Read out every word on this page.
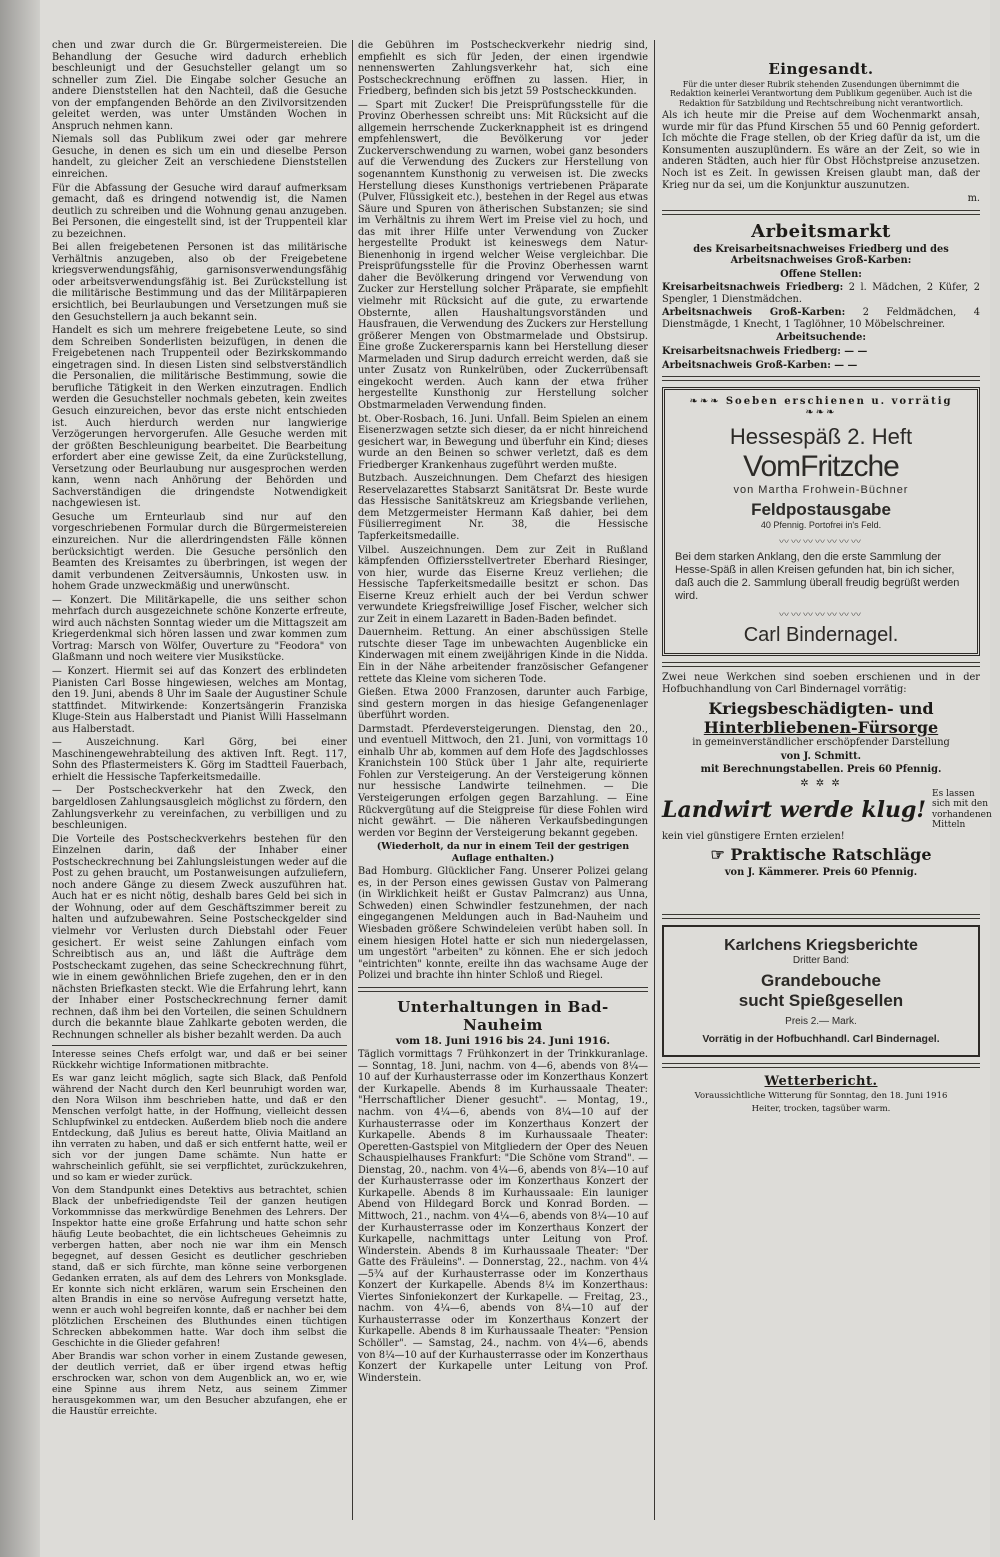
chen und zwar durch die Gr. Bürgermeistereien. Die Behandlung der Gesuche wird dadurch erheblich beschleunigt und der Gesuchsteller gelangt um so schneller zum Ziel. Die Eingabe solcher Gesuche an andere Dienststellen hat den Nachteil, daß die Gesuche von der empfangenden Behörde an den Zivilvorsitzenden geleitet werden, was unter Umständen Wochen in Anspruch nehmen kann.

Niemals soll das Publikum zwei oder gar mehrere Gesuche, in denen es sich um ein und dieselbe Person handelt, zu gleicher Zeit an verschiedene Dienststellen einreichen.

Für die Abfassung der Gesuche wird darauf aufmerksam gemacht, daß es dringend notwendig ist, die Namen deutlich zu schreiben und die Wohnung genau anzugeben. Bei Personen, die eingestellt sind, ist der Truppenteil klar zu bezeichnen.

Bei allen freigebetenen Personen ist das militärische Verhältnis anzugeben, also ob der Freigebetene kriegsverwendungsfähig, garnisonsverwendungsfähig oder arbeitsverwendungsfähig ist. Bei Zurückstellung ist die militärische Bestimmung und das der Militärpapieren ersichtlich, bei Beurlaubungen und Versetzungen muß sie den Gesuchstellern ja auch bekannt sein.

Handelt es sich um mehrere freigebetene Leute, so sind dem Schreiben Sonderlisten beizufügen, in denen die Freigebetenen nach Truppenteil oder Bezirkskommando eingetragen sind. In diesen Listen sind selbstverständlich die Personalien, die militärische Bestimmung, sowie die berufliche Tätigkeit in den Werken einzutragen. Endlich werden die Gesuchsteller nochmals gebeten, kein zweites Gesuch einzureichen, bevor das erste nicht entschieden ist. Auch hierdurch werden nur langwierige Verzögerungen hervorgerufen. Alle Gesuche werden mit der größten Beschleunigung bearbeitet. Die Bearbeitung erfordert aber eine gewisse Zeit, da eine Zurückstellung, Versetzung oder Beurlaubung nur ausgesprochen werden kann, wenn nach Anhörung der Behörden und Sachverständigen die dringendste Notwendigkeit nachgewiesen ist.

Gesuche um Ernteurlaub sind nur auf den vorgeschriebenen Formular durch die Bürgermeistereien einzureichen. Nur die allerdringendsten Fälle können berücksichtigt werden. Die Gesuche persönlich den Beamten des Kreisamtes zu überbringen, ist wegen der damit verbundenen Zeitversäumnis, Unkosten usw. in hohem Grade unzweckmäßig und unerwünscht.

— Konzert. Die Militärkapelle, die uns seither schon mehrfach durch ausgezeichnete schöne Konzerte erfreute, wird auch nächsten Sonntag wieder um die Mittagszeit am Kriegerdenkmal sich hören lassen und zwar kommen zum Vortrag: Marsch von Wölfer, Ouverture zu "Feodora" von Glaßmann und noch weitere vier Musikstücke.

— Konzert. Hiermit sei auf das Konzert des erblindeten Pianisten Carl Bosse hingewiesen, welches am Montag, den 19. Juni, abends 8 Uhr im Saale der Augustiner Schule stattfindet. Mitwirkende: Konzertsängerin Franziska Kluge-Stein aus Halberstadt und Pianist Willi Hasselmann aus Halberstadt.

— Auszeichnung. Karl Görg, bei einer Maschinengewehrabteilung des aktiven Inft. Regt. 117, Sohn des Pflastermeisters K. Görg im Stadtteil Fauerbach, erhielt die Hessische Tapferkeitsmedaille.

— Der Postscheckverkehr hat den Zweck, den bargeldlosen Zahlungsausgleich möglichst zu fördern, den Zahlungsverkehr zu vereinfachen, zu verbilligen und zu beschleunigen.

Die Vorteile des Postscheckverkehrs bestehen für den Einzelnen darin, daß der Inhaber einer Postscheckrechnung bei Zahlungsleistungen weder auf die Post zu gehen braucht, um Postanweisungen aufzuliefern, noch andere Gänge zu diesem Zweck auszuführen hat. Auch hat er es nicht nötig, deshalb bares Geld bei sich in der Wohnung, oder auf dem Geschäftszimmer bereit zu halten und aufzubewahren. Seine Postscheckgelder sind vielmehr vor Verlusten durch Diebstahl oder Feuer gesichert. Er weist seine Zahlungen einfach vom Schreibtisch aus an, und läßt die Aufträge dem Postscheckamt zugehen, das seine Scheckrechnung führt, wie in einem gewöhnlichen Briefe zugehen, den er in den nächsten Briefkasten steckt. Wie die Erfahrung lehrt, kann der Inhaber einer Postscheckrechnung ferner damit rechnen, daß ihm bei den Vorteilen, die seinen Schuldnern durch die bekannte blaue Zahlkarte geboten werden, die Rechnungen schneller als bisher bezahlt werden. Da auch

Interesse seines Chefs erfolgt war, und daß er bei seiner Rückkehr wichtige Informationen mitbrachte.

Es war ganz leicht möglich, sagte sich Black, daß Penfold während der Nacht durch den Kerl beunruhigt worden war, den Nora Wilson ihm beschrieben hatte, und daß er den Menschen verfolgt hatte, in der Hoffnung, vielleicht dessen Schlupfwinkel zu entdecken. Außerdem blieb noch die andere Entdeckung, daß Julius es bereut hatte, Olivia Maitland an ihn verraten zu haben, und daß er sich entfernt hatte, weil er sich vor der jungen Dame schämte. Nun hatte er wahrscheinlich gefühlt, sie sei verpflichtet, zurückzukehren, und so kam er wieder zurück.

Von dem Standpunkt eines Detektivs aus betrachtet, schien Black der unbefriedigendste Teil der ganzen heutigen Vorkommnisse das merkwürdige Benehmen des Lehrers. Der Inspektor hatte eine große Erfahrung und hatte schon sehr häufig Leute beobachtet, die ein lichtscheues Geheimnis zu verbergen hatten, aber noch nie war ihm ein Mensch begegnet, auf dessen Gesicht es deutlicher geschrieben stand, daß er sich fürchte, man könne seine verborgenen Gedanken erraten, als auf dem des Lehrers von Monksglade. Er konnte sich nicht erklären, warum sein Erscheinen den alten Brandis in eine so nervöse Aufregung versetzt hatte, wenn er auch wohl begreifen konnte, daß er nachher bei dem plötzlichen Erscheinen des Bluthundes einen tüchtigen Schrecken abbekommen hatte. War doch ihm selbst die Geschichte in die Glieder gefahren!

Aber Brandis war schon vorher in einem Zustande gewesen, der deutlich verriet, daß er über irgend etwas heftig erschrocken war, schon von dem Augenblick an, wo er, wie eine Spinne aus ihrem Netz, aus seinem Zimmer herausgekommen war, um den Besucher abzufangen, ehe er die Haustür erreichte.

die Gebühren im Postscheckverkehr niedrig sind, empfiehlt es sich für Jeden, der einen irgendwie nennenswerten Zahlungsverkehr hat, sich eine Postscheckrechnung eröffnen zu lassen. Hier, in Friedberg, befinden sich bis jetzt 59 Postscheckkunden.

— Spart mit Zucker! Die Preisprüfungsstelle für die Provinz Oberhessen schreibt uns: Mit Rücksicht auf die allgemein herrschende Zuckerknappheit ist es dringend empfehlenswert, die Bevölkerung vor jeder Zuckerverschwendung zu warnen, wobei ganz besonders auf die Verwendung des Zuckers zur Herstellung von sogenanntem Kunsthonig zu verweisen ist. Die zwecks Herstellung dieses Kunsthonigs vertriebenen Präparate (Pulver, Flüssigkeit etc.), bestehen in der Regel aus etwas Säure und Spuren von ätherischen Substanzen; sie sind im Verhältnis zu ihrem Wert im Preise viel zu hoch, und das mit ihrer Hilfe unter Verwendung von Zucker hergestellte Produkt ist keineswegs dem Natur-Bienenhonig in irgend welcher Weise vergleichbar. Die Preisprüfungsstelle für die Provinz Oberhessen warnt daher die Bevölkerung dringend vor Verwendung von Zucker zur Herstellung solcher Präparate, sie empfiehlt vielmehr mit Rücksicht auf die gute, zu erwartende Obsternte, allen Haushaltungsvorständen und Hausfrauen, die Verwendung des Zuckers zur Herstellung größerer Mengen von Obstmarmelade und Obstsirup. Eine große Zuckerersparnis kann bei Herstellung dieser Marmeladen und Sirup dadurch erreicht werden, daß sie unter Zusatz von Runkelrüben, oder Zuckerrübensaft eingekocht werden. Auch kann der etwa früher hergestellte Kunsthonig zur Herstellung solcher Obstmarmeladen Verwendung finden.

bt. Ober-Rosbach, 16. Juni. Unfall. Beim Spielen an einem Eisenerzwagen setzte sich dieser, da er nicht hinreichend gesichert war, in Bewegung und überfuhr ein Kind; dieses wurde an den Beinen so schwer verletzt, daß es dem Friedberger Krankenhaus zugeführt werden mußte.

Butzbach. Auszeichnungen. Dem Chefarzt des hiesigen Reservelazarettes Stabsarzt Sanitätsrat Dr. Beste wurde das Hessische Sanitätskreuz am Kriegsbande verliehen, dem Metzgermeister Hermann Kaß dahier, bei dem Füsilierregiment Nr. 38, die Hessische Tapferkeitsmedaille.

Vilbel. Auszeichnungen. Dem zur Zeit in Rußland kämpfenden Offiziersstellvertreter Eberhard Riesinger, von hier, wurde das Eiserne Kreuz verliehen; die Hessische Tapferkeitsmedaille besitzt er schon. Das Eiserne Kreuz erhielt auch der bei Verdun schwer verwundete Kriegsfreiwillige Josef Fischer, welcher sich zur Zeit in einem Lazarett in Baden-Baden befindet.

Dauernheim. Rettung. An einer abschüssigen Stelle rutschte dieser Tage im unbewachten Augenblicke ein Kinderwagen mit einem zweijährigen Kinde in die Nidda. Ein in der Nähe arbeitender französischer Gefangener rettete das Kleine vom sicheren Tode.

Gießen. Etwa 2000 Franzosen, darunter auch Farbige, sind gestern morgen in das hiesige Gefangenenlager überführt worden.

Darmstadt. Pferdeversteigerungen. Dienstag, den 20., und eventuell Mittwoch, den 21. Juni, von vormittags 10 einhalb Uhr ab, kommen auf dem Hofe des Jagdschlosses Kranichstein 100 Stück über 1 Jahr alte, requirierte Fohlen zur Versteigerung. An der Versteigerung können nur hessische Landwirte teilnehmen. — Die Versteigerungen erfolgen gegen Barzahlung. — Eine Rückvergütung auf die Steigpreise für diese Fohlen wird nicht gewährt. — Die näheren Verkaufsbedingungen werden vor Beginn der Versteigerung bekannt gegeben.

(Wiederholt, da nur in einem Teil der gestrigen Auflage enthalten.)

Bad Homburg. Glücklicher Fang. Unserer Polizei gelang es, in der Person eines gewissen Gustav von Palmerang (in Wirklichkeit heißt er Gustav Palmcranz) aus Unna, Schweden) einen Schwindler festzunehmen, der nach eingegangenen Meldungen auch in Bad-Nauheim und Wiesbaden größere Schwindeleien verübt haben soll. In einem hiesigen Hotel hatte er sich nun niedergelassen, um ungestört "arbeiten" zu können. Ehe er sich jedoch "eintrichten" konnte, ereilte ihn das wachsame Auge der Polizei und brachte ihn hinter Schloß und Riegel.

Unterhaltungen in Bad-Nauheim

vom 18. Juni 1916 bis 24. Juni 1916.

Täglich vormittags 7 Frühkonzert in der Trinkkuranlage. — Sonntag, 18. Juni, nachm. von 4—6, abends von 8¼—10 auf der Kurhausterrasse oder im Konzerthaus Konzert der Kurkapelle. Abends 8 im Kurhaussaale Theater: "Herrschaftlicher Diener gesucht". — Montag, 19., nachm. von 4¼—6, abends von 8¼—10 auf der Kurhausterrasse oder im Konzerthaus Konzert der Kurkapelle. Abends 8 im Kurhaussaale Theater: Operetten-Gastspiel von Mitgliedern der Oper des Neuen Schauspielhauses Frankfurt: "Die Schöne vom Strand". — Dienstag, 20., nachm. von 4¼—6, abends von 8¼—10 auf der Kurhausterrasse oder im Konzerthaus Konzert der Kurkapelle. Abends 8 im Kurhaussaale: Ein launiger Abend von Hildegard Borck und Konrad Borden. — Mittwoch, 21., nachm. von 4¼—6, abends von 8¼—10 auf der Kurhausterrasse oder im Konzerthaus Konzert der Kurkapelle, nachmittags unter Leitung von Prof. Winderstein. Abends 8 im Kurhaussaale Theater: "Der Gatte des Fräuleins". — Donnerstag, 22., nachm. von 4¼—5¾ auf der Kurhausterrasse oder im Konzerthaus Konzert der Kurkapelle. Abends 8¼ im Konzerthaus: Viertes Sinfoniekonzert der Kurkapelle. — Freitag, 23., nachm. von 4¼—6, abends von 8¼—10 auf der Kurhausterrasse oder im Konzerthaus Konzert der Kurkapelle. Abends 8 im Kurhaussaale Theater: "Pension Schöller". — Samstag, 24., nachm. von 4¼—6, abends von 8¼—10 auf der Kurhausterrasse oder im Konzerthaus Konzert der Kurkapelle unter Leitung von Prof. Winderstein.

Eingesandt.

Für die unter dieser Rubrik stehenden Zusendungen übernimmt die Redaktion keinerlei Verantwortung dem Publikum gegenüber. Auch ist die Redaktion für Satzbildung und Rechtschreibung nicht verantwortlich.

Als ich heute mir die Preise auf dem Wochenmarkt ansah, wurde mir für das Pfund Kirschen 55 und 60 Pennig gefordert. Ich möchte die Frage stellen, ob der Krieg dafür da ist, um die Konsumenten auszuplündern. Es wäre an der Zeit, so wie in anderen Städten, auch hier für Obst Höchstpreise anzusetzen. Noch ist es Zeit. In gewissen Kreisen glaubt man, daß der Krieg nur da sei, um die Konjunktur auszunutzen.

m.

Arbeitsmarkt

des Kreisarbeitsnachweises Friedberg und des Arbeitsnachweises Groß-Karben:

Offene Stellen:

Kreisarbeitsnachweis Friedberg: 2 l. Mädchen, 2 Küfer, 2 Spengler, 1 Dienstmädchen.

Arbeitsnachweis Groß-Karben: 2 Feldmädchen, 4 Dienstmägde, 1 Knecht, 1 Taglöhner, 10 Möbelschreiner.

Arbeitsuchende:

Kreisarbeitsnachweis Friedberg: — —

Arbeitsnachweis Groß-Karben: — —

❧❧❧ Soeben erschienen u. vorrätig ❧❧❧
Hessespäß 2. Heft
VomFritzche
von Martha Frohwein-Büchner
Feldpostausgabe
40 Pfennig. Portofrei in's Feld.
〰〰〰〰〰〰〰
Bei dem starken Anklang, den die erste Sammlung der Hesse-Späß in allen Kreisen gefunden hat, bin ich sicher, daß auch die 2. Sammlung überall freudig begrüßt werden wird.
〰〰〰〰〰〰〰
Carl Bindernagel.

Zwei neue Werkchen sind soeben erschienen und in der Hofbuchhandlung von Carl Bindernagel vorrätig:

Kriegsbeschädigten- und
Hinterbliebenen-Fürsorge

in gemeinverständlicher erschöpfender Darstellung

von J. Schmitt.

mit Berechnungstabellen. Preis 60 Pfennig.

✲ ✲ ✲
Landwirt werde klug!
Es lassen sich mit den vorhandenen Mitteln

kein viel günstigere Ernten erzielen!

☞ Praktische Ratschläge

von J. Kämmerer. Preis 60 Pfennig.

Karlchens Kriegsberichte
Dritter Band:
Grandebouche
sucht Spießgesellen
Preis 2.— Mark.
Vorrätig in der Hofbuchhandl. Carl Bindernagel.
Wetterbericht.

Voraussichtliche Witterung für Sonntag, den 18. Juni 1916

Heiter, trocken, tagsüber warm.
